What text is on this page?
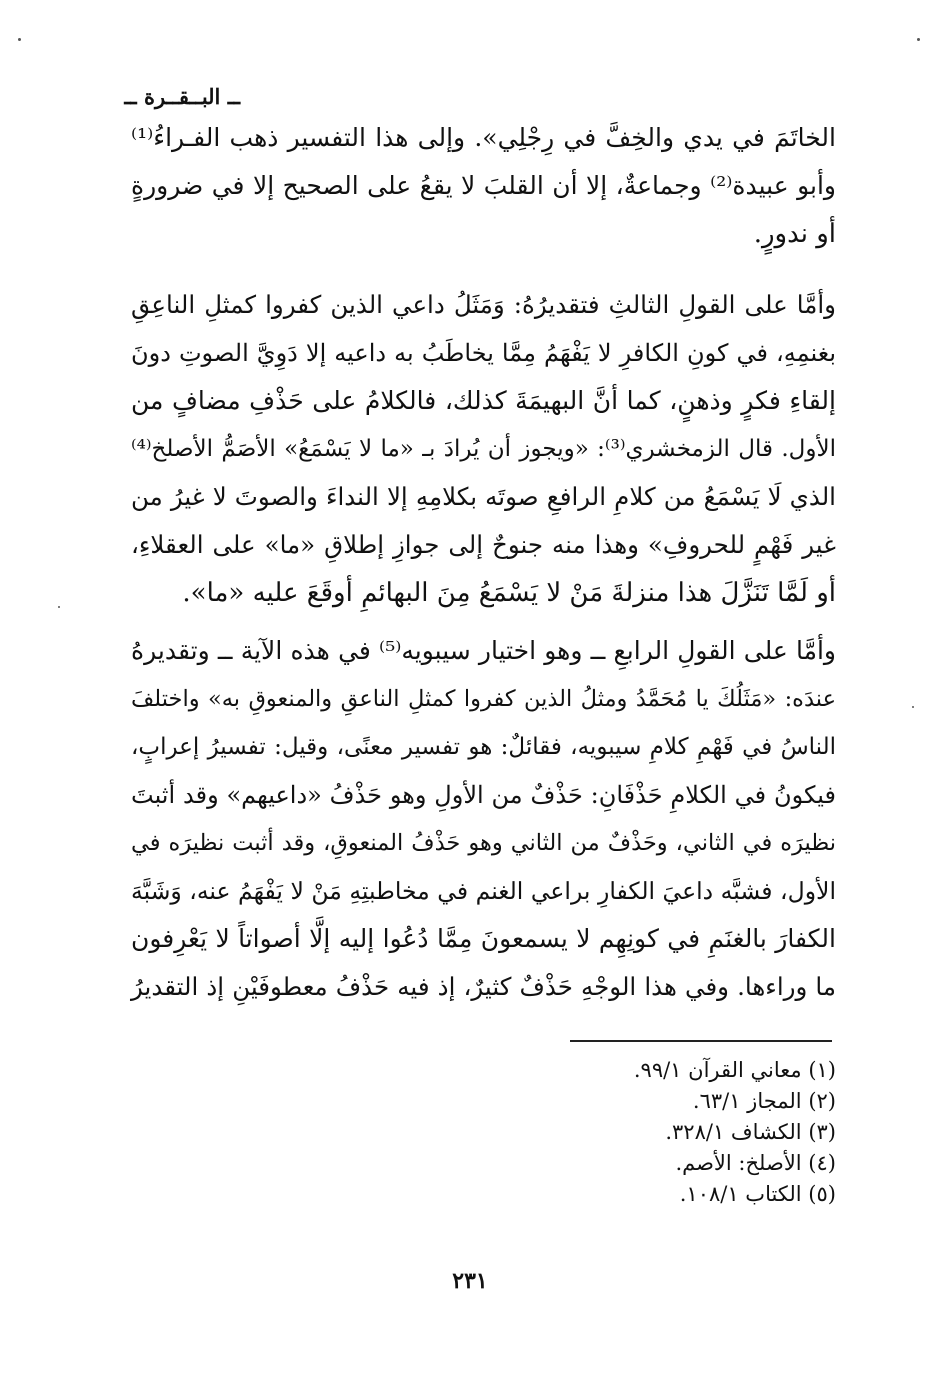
ــ البــقــرة ــ

الخاتَمَ في يدي والخِفَّ في رِجْلِي». وإلى هذا التفسير ذهب الفـراءُ⁽¹⁾
وأبو عبيدة⁽²⁾ وجماعةٌ، إلا أن القلبَ لا يقعُ على الصحيح إلا في ضرورةٍ
أو ندورٍ.

وأمَّا على القولِ الثالثِ فتقديرُهُ: وَمَثَلُ داعي الذين كفروا كمثلِ الناعِقِ
بغنمِهِ، في كونِ الكافرِ لا يَفْهَمُ مِمَّا يخاطَبُ به داعيه إلا دَوِيَّ الصوتِ دونَ
إلقاءِ فكرٍ وذهنٍ، كما أنَّ البهيمَةَ كذلك، فالكلامُ على حَذْفِ مضافٍ من
الأول. قال الزمخشري⁽³⁾: «ويجوز أن يُرادَ بـ «ما لا يَسْمَعُ» الأصَمُّ الأصلخ⁽⁴⁾
الذي لَا يَسْمَعُ من كلامِ الرافعِ صوتَه بكلامِهِ إلا النداءَ والصوتَ لا غيرُ من
غير فَهْمٍ للحروفِ» وهذا منه جنوحٌ إلى جوازِ إطلاقِ «ما» على العقلاءِ،
أو لَمَّا تَنَزَّلَ هذا منزلةَ مَنْ لا يَسْمَعُ مِنَ البهائمِ أوقَعَ عليه «ما».

وأمَّا على القولِ الرابعِ ــ وهو اختيار سيبويه⁽⁵⁾ في هذه الآية ــ وتقديرهُ
عندَه: «مَثَلُكَ يا مُحَمَّدُ ومثلُ الذين كفروا كمثلِ الناعقِ والمنعوقِ به» واختلفَ
الناسُ في فَهْمِ كلامِ سيبويه، فقائلٌ: هو تفسير معنًى، وقيل: تفسيرُ إعرابٍ،
فيكونُ في الكلامِ حَذْفَانِ: حَذْفٌ من الأولِ وهو حَذْفُ «داعيهم» وقد أثبتَ
نظيرَه في الثاني، وحَذْفٌ من الثاني وهو حَذْفُ المنعوقِ، وقد أثبت نظيرَه في
الأول، فشبَّه داعيَ الكفارِ براعي الغنم في مخاطبتِهِ مَنْ لا يَفْهَمُ عنه، وَشَبَّهَ
الكفارَ بالغنَمِ في كونِهِم لا يسمعونَ مِمَّا دُعُوا إليه إلَّا أصواتاً لا يَعْرِفون
ما وراءها. وفي هذا الوجْهِ حَذْفٌ كثيرٌ، إذ فيه حَذْفُ معطوفَيْنِ إذ التقديرُ

(١) معاني القرآن ٩٩/١.
(٢) المجاز ٦٣/١.
(٣) الكشاف ٣٢٨/١.
(٤) الأصلخ: الأصم.
(٥) الكتاب ١٠٨/١.
٢٣١
